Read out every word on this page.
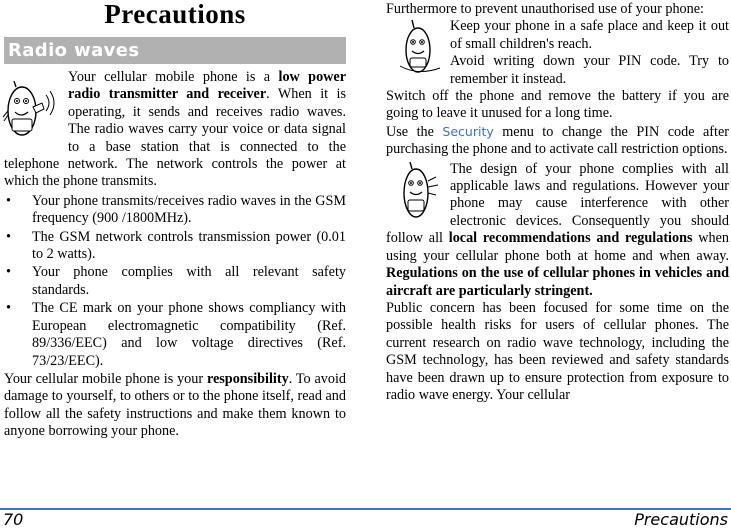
Precautions
Radio waves

Your cellular mobile phone is a low power radio transmitter and receiver. When it is operating, it sends and receives radio waves. The radio waves carry your voice or data signal to a base station that is connected to the telephone network. The network controls the power at which the phone transmits.

• Your phone transmits/receives radio waves in the GSM frequency (900 /1800MHz).

• The GSM network controls transmission power (0.01 to 2 watts).

• Your phone complies with all relevant safety standards.

• The CE mark on your phone shows compliancy with European electromagnetic compatibility (Ref. 89/336/EEC) and low voltage directives (Ref. 73/23/EEC).

Your cellular mobile phone is your responsibility. To avoid damage to yourself, to others or to the phone itself, read and follow all the safety instructions and make them known to anyone borrowing your phone.

Furthermore to prevent unauthorised use of your phone:

Keep your phone in a safe place and keep it out of small children's reach.

Avoid writing down your PIN code. Try to remember it instead.

Switch off the phone and remove the battery if you are going to leave it unused for a long time.

Use the Security menu to change the PIN code after purchasing the phone and to activate call restriction options.

The design of your phone complies with all applicable laws and regulations. However your phone may cause interference with other electronic devices. Consequently you should follow all local recommendations and regulations when using your cellular phone both at home and when away. Regulations on the use of cellular phones in vehicles and aircraft are particularly stringent.

Public concern has been focused for some time on the possible health risks for users of cellular phones. The current research on radio wave technology, including the GSM technology, has been reviewed and safety standards have been drawn up to ensure protection from exposure to radio wave energy. Your cellular

70	Precautions
